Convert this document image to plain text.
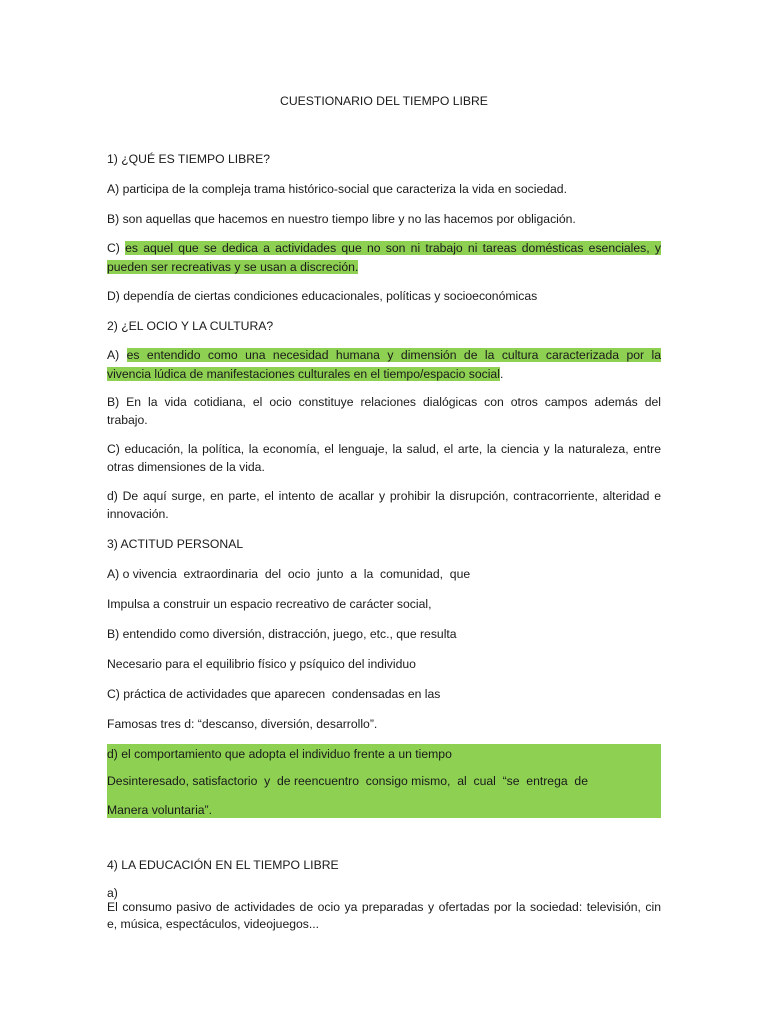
CUESTIONARIO DEL TIEMPO LIBRE
1) ¿QUÉ ES TIEMPO LIBRE?
A) participa de la compleja trama histórico-social que caracteriza la vida en sociedad.
B) son aquellas que hacemos en nuestro tiempo libre y no las hacemos por obligación.
C) es aquel que se dedica a actividades que no son ni trabajo ni tareas domésticas esenciales, y
pueden ser recreativas y se usan a discreción.
D) dependía de ciertas condiciones educacionales, políticas y socioeconómicas
2) ¿EL OCIO Y LA CULTURA?
A) es entendido como una necesidad humana y dimensión de la cultura caracterizada por la
vivencia lúdica de manifestaciones culturales en el tiempo/espacio social.
B) En la vida cotidiana, el ocio constituye relaciones dialógicas con otros campos además del
trabajo.
C) educación, la política, la economía, el lenguaje, la salud, el arte, la ciencia y la naturaleza, entre
otras dimensiones de la vida.
d) De aquí surge, en parte, el intento de acallar y prohibir la disrupción, contracorriente, alteridad e
innovación.
3) ACTITUD PERSONAL
A) o vivencia  extraordinaria  del  ocio  junto  a  la  comunidad,  que
Impulsa a construir un espacio recreativo de carácter social,
B) entendido como diversión, distracción, juego, etc., que resulta
Necesario para el equilibrio físico y psíquico del individuo
C) práctica de actividades que aparecen  condensadas en las
Famosas tres d: “descanso, diversión, desarrollo”.
d) el comportamiento que adopta el individuo frente a un tiempo
Desinteresado, satisfactorio  y  de reencuentro  consigo mismo,  al  cual  “se  entrega  de
Manera voluntaria”.
4) LA EDUCACIÓN EN EL TIEMPO LIBRE
a)
El consumo pasivo de actividades de ocio ya preparadas y ofertadas por la sociedad: televisión, cin
e, música, espectáculos, videojuegos...
